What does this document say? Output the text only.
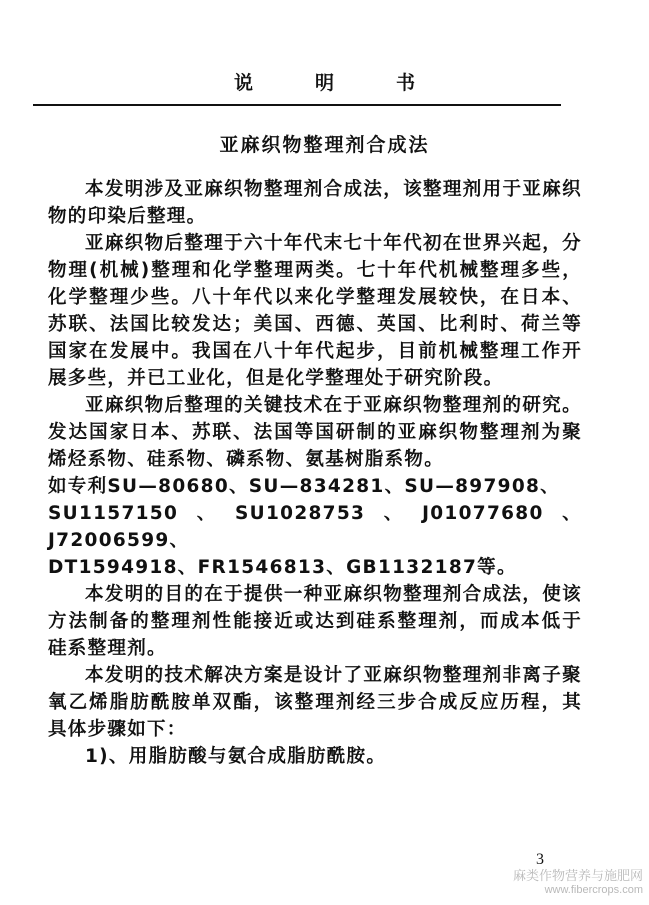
说明书
亚麻织物整理剂合成法

本发明涉及亚麻织物整理剂合成法，该整理剂用于亚麻织物的印染后整理。

亚麻织物后整理于六十年代末七十年代初在世界兴起，分物理(机械)整理和化学整理两类。七十年代机械整理多些，化学整理少些。八十年代以来化学整理发展较快，在日本、苏联、法国比较发达；美国、西德、英国、比利时、荷兰等国家在发展中。我国在八十年代起步，目前机械整理工作开展多些，并已工业化，但是化学整理处于研究阶段。

亚麻织物后整理的关键技术在于亚麻织物整理剂的研究。发达国家日本、苏联、法国等国研制的亚麻织物整理剂为聚烯烃系物、硅系物、磷系物、氨基树脂系物。

如专利SU—80680、SU—834281、SU—897908、
SU1157150、SU1028753、J01077680、J72006599、
DT1594918、FR1546813、GB1132187等。

本发明的目的在于提供一种亚麻织物整理剂合成法，使该方法制备的整理剂性能接近或达到硅系整理剂，而成本低于硅系整理剂。

本发明的技术解决方案是设计了亚麻织物整理剂非离子聚氧乙烯脂肪酰胺单双酯，该整理剂经三步合成反应历程，其具体步骤如下：

1)、用脂肪酸与氨合成脂肪酰胺。

3
麻类作物营养与施肥网
www.fibercrops.com
